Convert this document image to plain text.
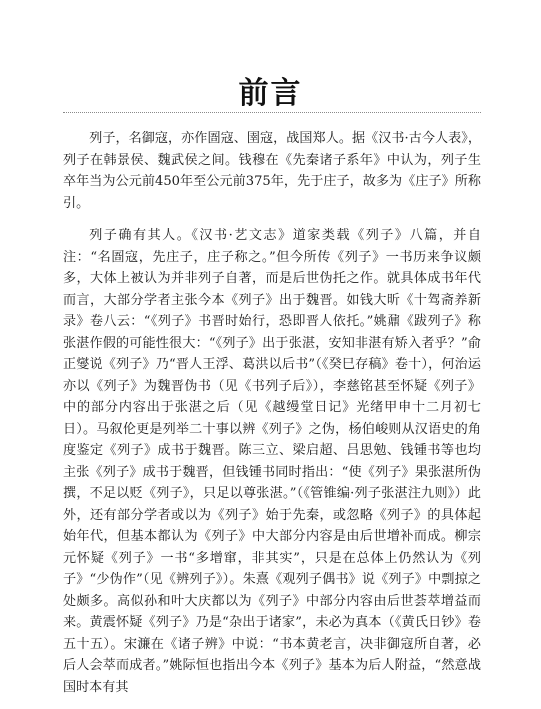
前言

列子，名御寇，亦作圄寇、圉寇，战国郑人。据《汉书·古今人表》，列子在韩景侯、魏武侯之间。钱穆在《先秦诸子系年》中认为，列子生卒年当为公元前450年至公元前375年，先于庄子，故多为《庄子》所称引。

列子确有其人。《汉书·艺文志》道家类载《列子》八篇，并自注：“名圄寇，先庄子，庄子称之。”但今所传《列子》一书历来争议颇多，大体上被认为并非列子自著，而是后世伪托之作。就具体成书年代而言，大部分学者主张今本《列子》出于魏晋。如钱大昕《十驾斋养新录》卷八云：“《列子》书晋时始行，恐即晋人依托。”姚鼐《跋列子》称张湛作假的可能性很大：“《列子》出于张湛，安知非湛有矫入者乎？”俞正燮说《列子》乃“晋人王浮、葛洪以后书”（《癸巳存稿》卷十），何治运亦以《列子》为魏晋伪书（见《书列子后》），李慈铭甚至怀疑《列子》中的部分内容出于张湛之后（见《越缦堂日记》光绪甲申十二月初七日）。马叙伦更是列举二十事以辨《列子》之伪，杨伯峻则从汉语史的角度鉴定《列子》成书于魏晋。陈三立、梁启超、吕思勉、钱锺书等也均主张《列子》成书于魏晋，但钱锺书同时指出：“使《列子》果张湛所伪撰，不足以贬《列子》，只足以尊张湛。”（《管锥编·列子张湛注九则》）此外，还有部分学者或以为《列子》始于先秦，或忽略《列子》的具体起始年代，但基本都认为《列子》中大部分内容是由后世增补而成。柳宗元怀疑《列子》一书“多增窜，非其实”，只是在总体上仍然认为《列子》“少伪作”（见《辨列子》）。朱熹《观列子偶书》说《列子》中剽掠之处颇多。高似孙和叶大庆都以为《列子》中部分内容由后世荟萃增益而来。黄震怀疑《列子》乃是“杂出于诸家”，未必为真本（《黄氏日钞》卷五十五）。宋濂在《诸子辨》中说：“书本黄老言，决非御寇所自著，必后人会萃而成者。”姚际恒也指出今本《列子》基本为后人附益，“然意战国时本有其
